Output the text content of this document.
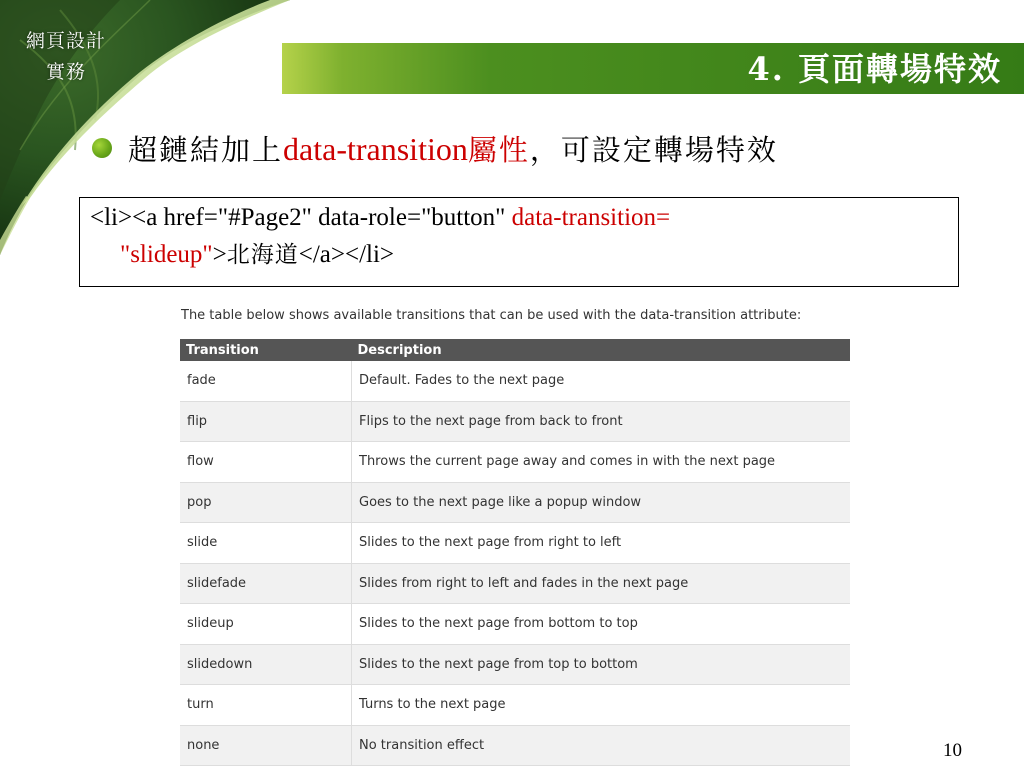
網頁設計
實務	4. 頁面轉場特效
超鏈結加上data-transition屬性，可設定轉場特效
<li><a href="#Page2" data-role="button" data-transition=
"slideup">北海道</a></li>
The table below shows available transitions that can be used with the data-transition attribute:
Transition	Description
fade	Default. Fades to the next page
flip	Flips to the next page from back to front
flow	Throws the current page away and comes in with the next page
pop	Goes to the next page like a popup window
slide	Slides to the next page from right to left
slidefade	Slides from right to left and fades in the next page
slideup	Slides to the next page from bottom to top
slidedown	Slides to the next page from top to bottom
turn	Turns to the next page
none	No transition effect	10
